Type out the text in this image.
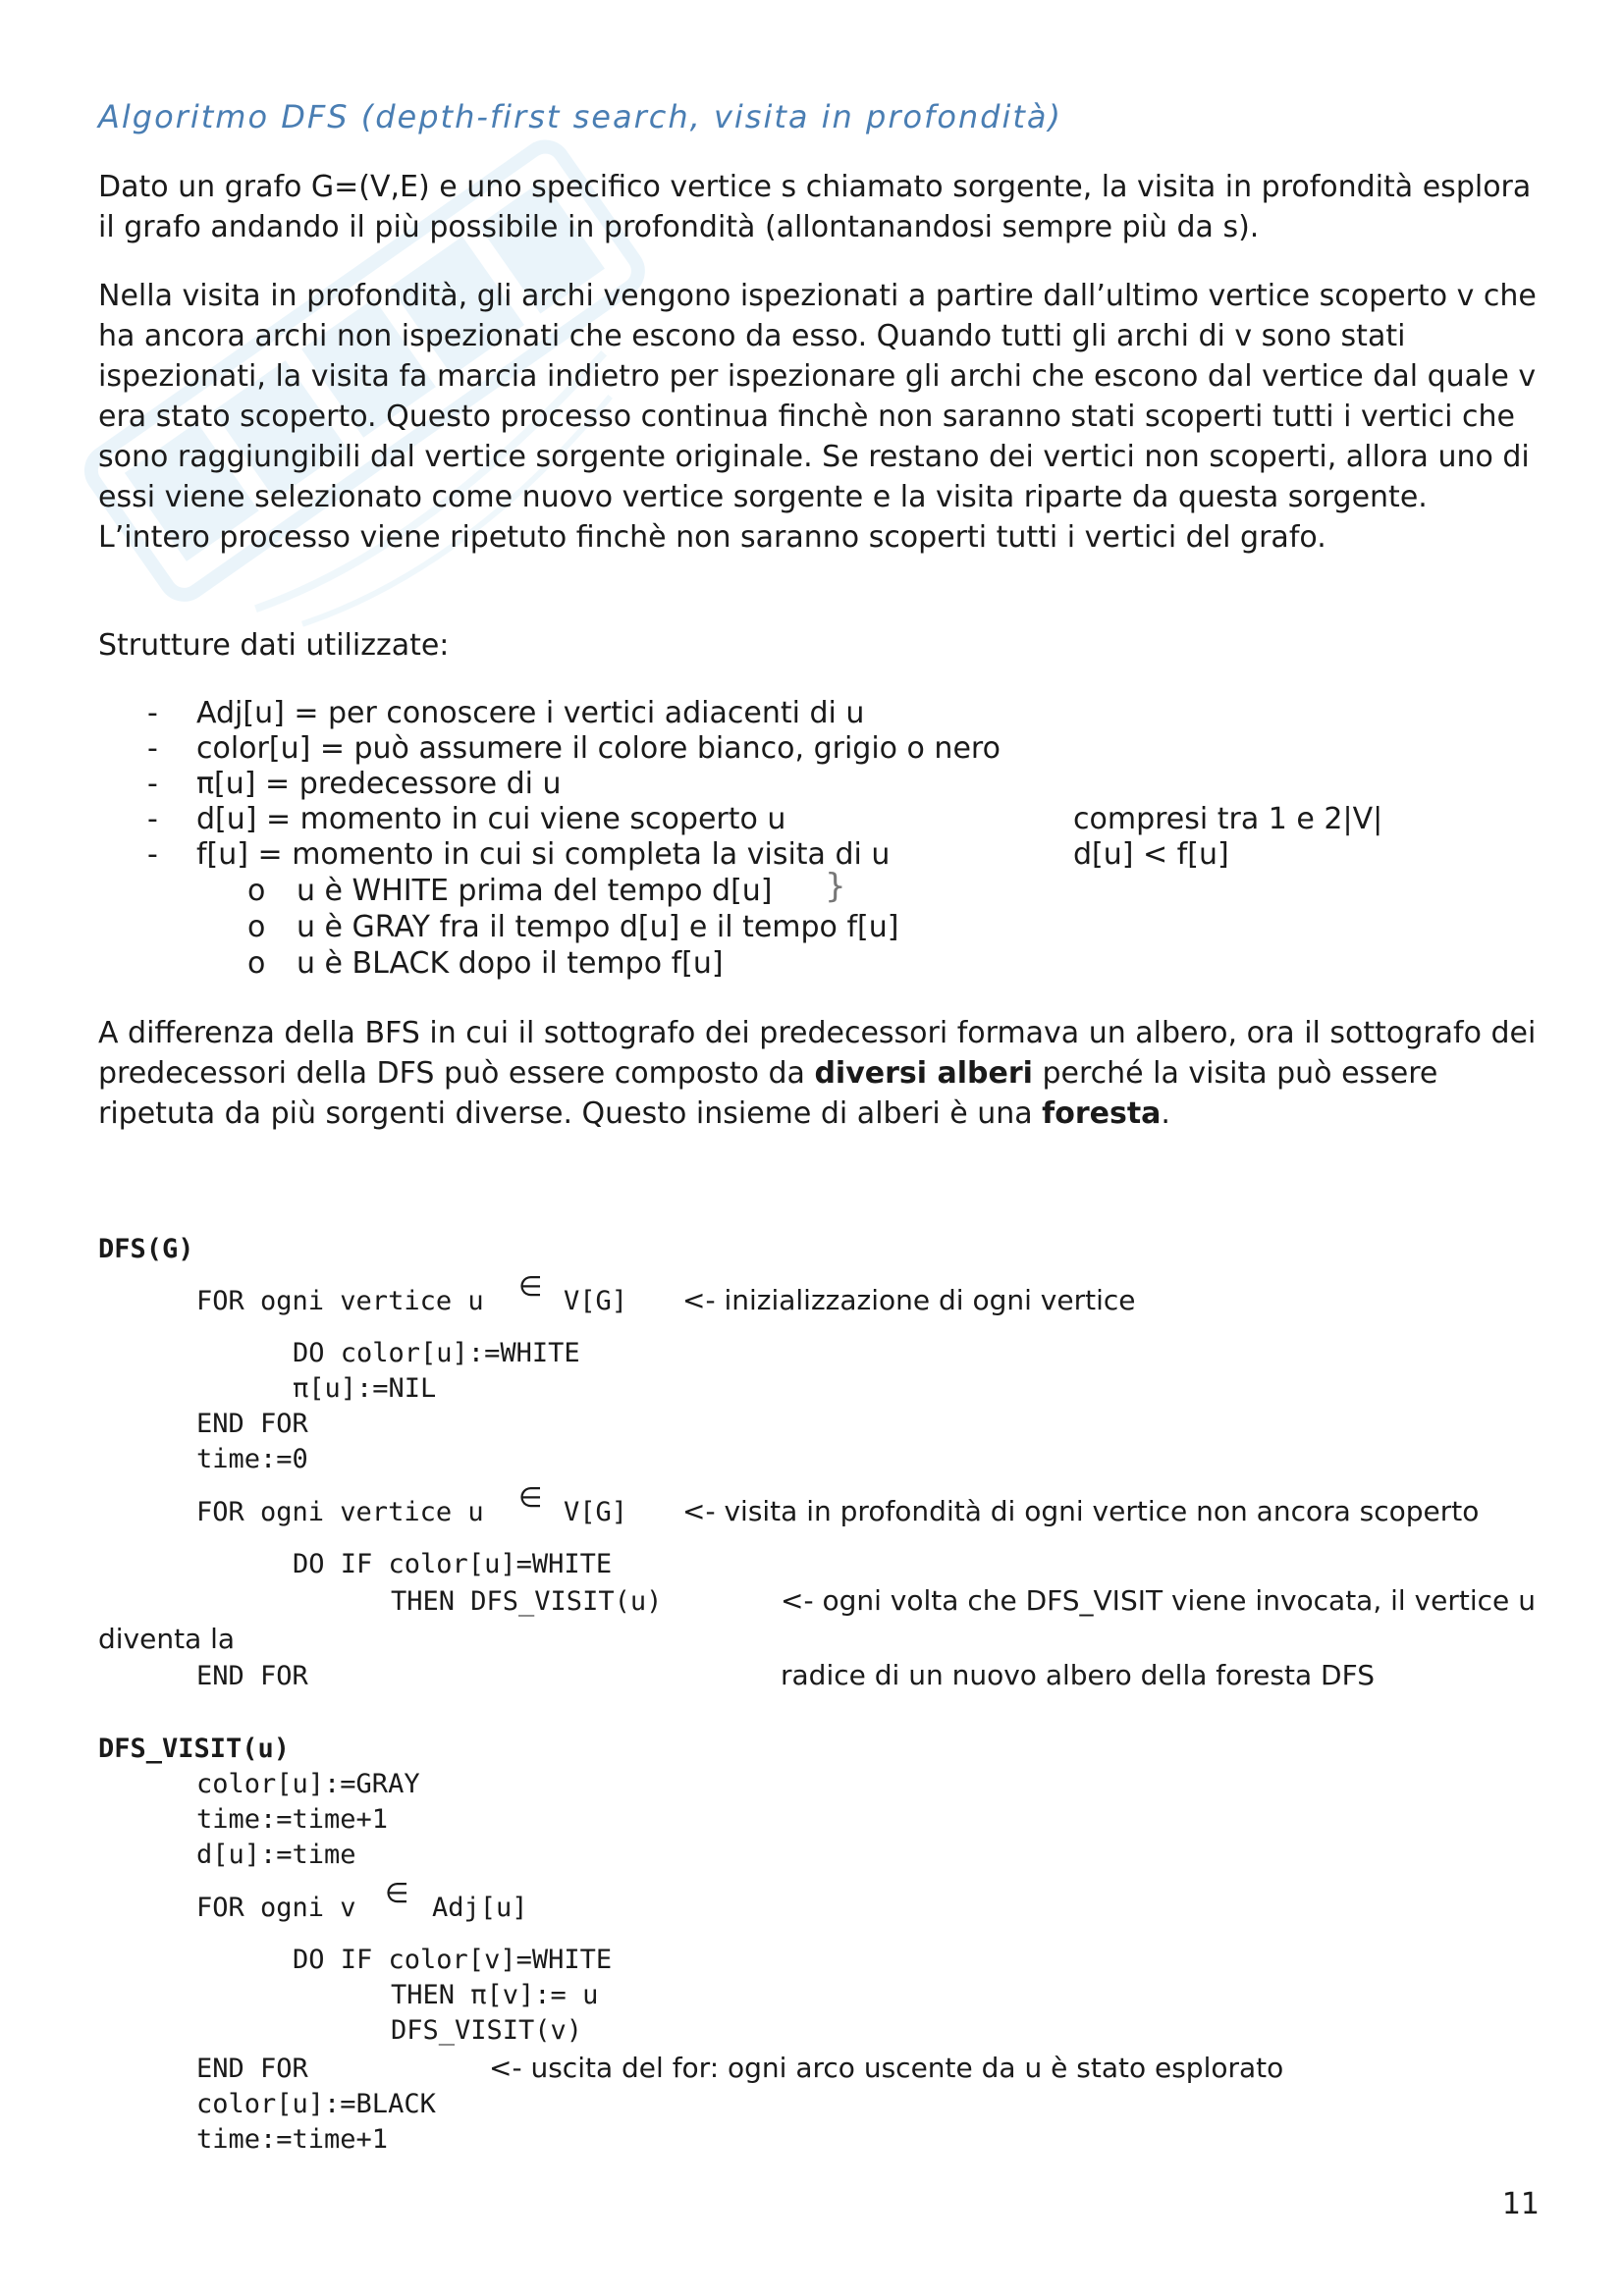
Algoritmo DFS (depth-first search, visita in profondità)
Dato un grafo G=(V,E) e uno specifico vertice s chiamato sorgente, la visita in profondità esplora il grafo andando il più possibile in profondità (allontanandosi sempre più da s).
Nella visita in profondità, gli archi vengono ispezionati a partire dall’ultimo vertice scoperto v che ha ancora archi non ispezionati che escono da esso. Quando tutti gli archi di v sono stati ispezionati, la visita fa marcia indietro per ispezionare gli archi che escono dal vertice dal quale v era stato scoperto. Questo processo continua finchè non saranno stati scoperti tutti i vertici che sono raggiungibili dal vertice sorgente originale. Se restano dei vertici non scoperti, allora uno di essi viene selezionato come nuovo vertice sorgente e la visita riparte da questa sorgente. L’intero processo viene ripetuto finchè non saranno scoperti tutti i vertici del grafo.
Strutture dati utilizzate:
- Adj[u] = per conoscere i vertici adiacenti di u
- color[u] = può assumere il colore bianco, grigio o nero
- π[u] = predecessore di u
- d[u] = momento in cui viene scoperto u	compresi tra 1 e 2|V|
- f[u] = momento in cui si completa la visita di u	d[u] < f[u]
}
o u è WHITE prima del tempo d[u]
o u è GRAY fra il tempo d[u] e il tempo f[u]
o u è BLACK dopo il tempo f[u]
A differenza della BFS in cui il sottografo dei predecessori formava un albero, ora il sottografo dei predecessori della DFS può essere composto da diversi alberi perché la visita può essere ripetuta da più sorgenti diverse. Questo insieme di alberi è una foresta.
DFS(G)
FOR ogni vertice u ∈ V[G] <- inizializzazione di ogni vertice
DO color[u]:=WHITE
π[u]:=NIL
END FOR
time:=0
FOR ogni vertice u ∈ V[G] <- visita in profondità di ogni vertice non ancora scoperto
DO IF color[u]=WHITE
THEN DFS_VISIT(u)	<- ogni volta che DFS_VISIT viene invocata, il vertice u
diventa la
END FOR	radice di un nuovo albero della foresta DFS
DFS_VISIT(u)
color[u]:=GRAY
time:=time+1
d[u]:=time
FOR ogni v ∈ Adj[u]
DO IF color[v]=WHITE
THEN π[v]:= u
DFS_VISIT(v)
END FOR	<- uscita del for: ogni arco uscente da u è stato esplorato
color[u]:=BLACK
time:=time+1
11
